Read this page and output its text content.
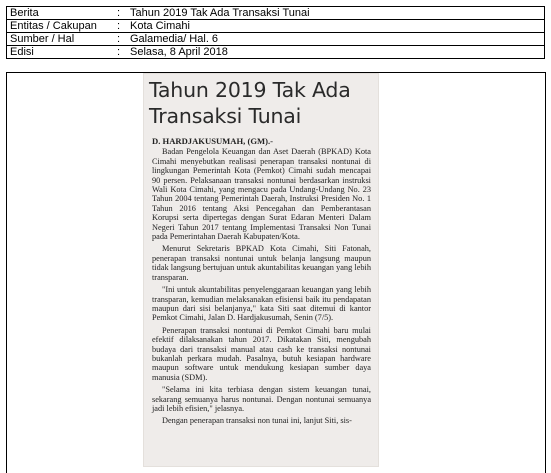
Berita	:	Tahun 2019 Tak Ada Transaksi Tunai
Entitas / Cakupan	:	Kota Cimahi
Sumber / Hal	:	Galamedia/ Hal. 6
Edisi	:	Selasa, 8 April 2018
Tahun 2019 Tak Ada
Transaksi Tunai
D. HARDJAKUSUMAH, (GM).-

Badan Pengelola Keuangan dan Aset Daerah (BPKAD) Kota Cimahi menyebutkan realisasi penerapan transaksi nontunai di lingkungan Pemerintah Kota (Pemkot) Cimahi sudah mencapai 90 persen. Pelaksanaan transaksi nontunai berdasarkan instruksi Wali Kota Cimahi, yang mengacu pada Undang-Undang No. 23 Tahun 2004 tentang Pemerintah Daerah, Instruksi Presiden No. 1 Tahun 2016 tentang Aksi Pencegahan dan Pemberantasan Korupsi serta dipertegas dengan Surat Edaran Menteri Dalam Negeri Tahun 2017 tentang Implementasi Transaksi Non Tunai pada Pemerintahan Daerah Kabupaten/Kota.

Menurut Sekretaris BPKAD Kota Cimahi, Siti Fatonah, penerapan transaksi nontunai untuk belanja langsung maupun tidak langsung bertujuan untuk akuntabilitas keuangan yang lebih transparan.

"Ini untuk akuntabilitas penyelenggaraan keuangan yang lebih transparan, kemudian melaksanakan efisiensi baik itu pendapatan maupun dari sisi belanjanya," kata Siti saat ditemui di kantor Pemkot Cimahi, Jalan D. Hardjakusumah, Senin (7/5).

Penerapan transaksi nontunai di Pemkot Cimahi baru mulai efektif dilaksanakan tahun 2017. Dikatakan Siti, mengubah budaya dari transaksi manual atau cash ke transaksi nontunai bukanlah perkara mudah. Pasalnya, butuh kesiapan hardware maupun software untuk mendukung kesiapan sumber daya manusia (SDM).

"Selama ini kita terbiasa dengan sistem keuangan tunai, sekarang semuanya harus nontunai. Dengan nontunai semuanya jadi lebih efisien," jelasnya.

Dengan penerapan transaksi non tunai ini, lanjut Siti, sis-
